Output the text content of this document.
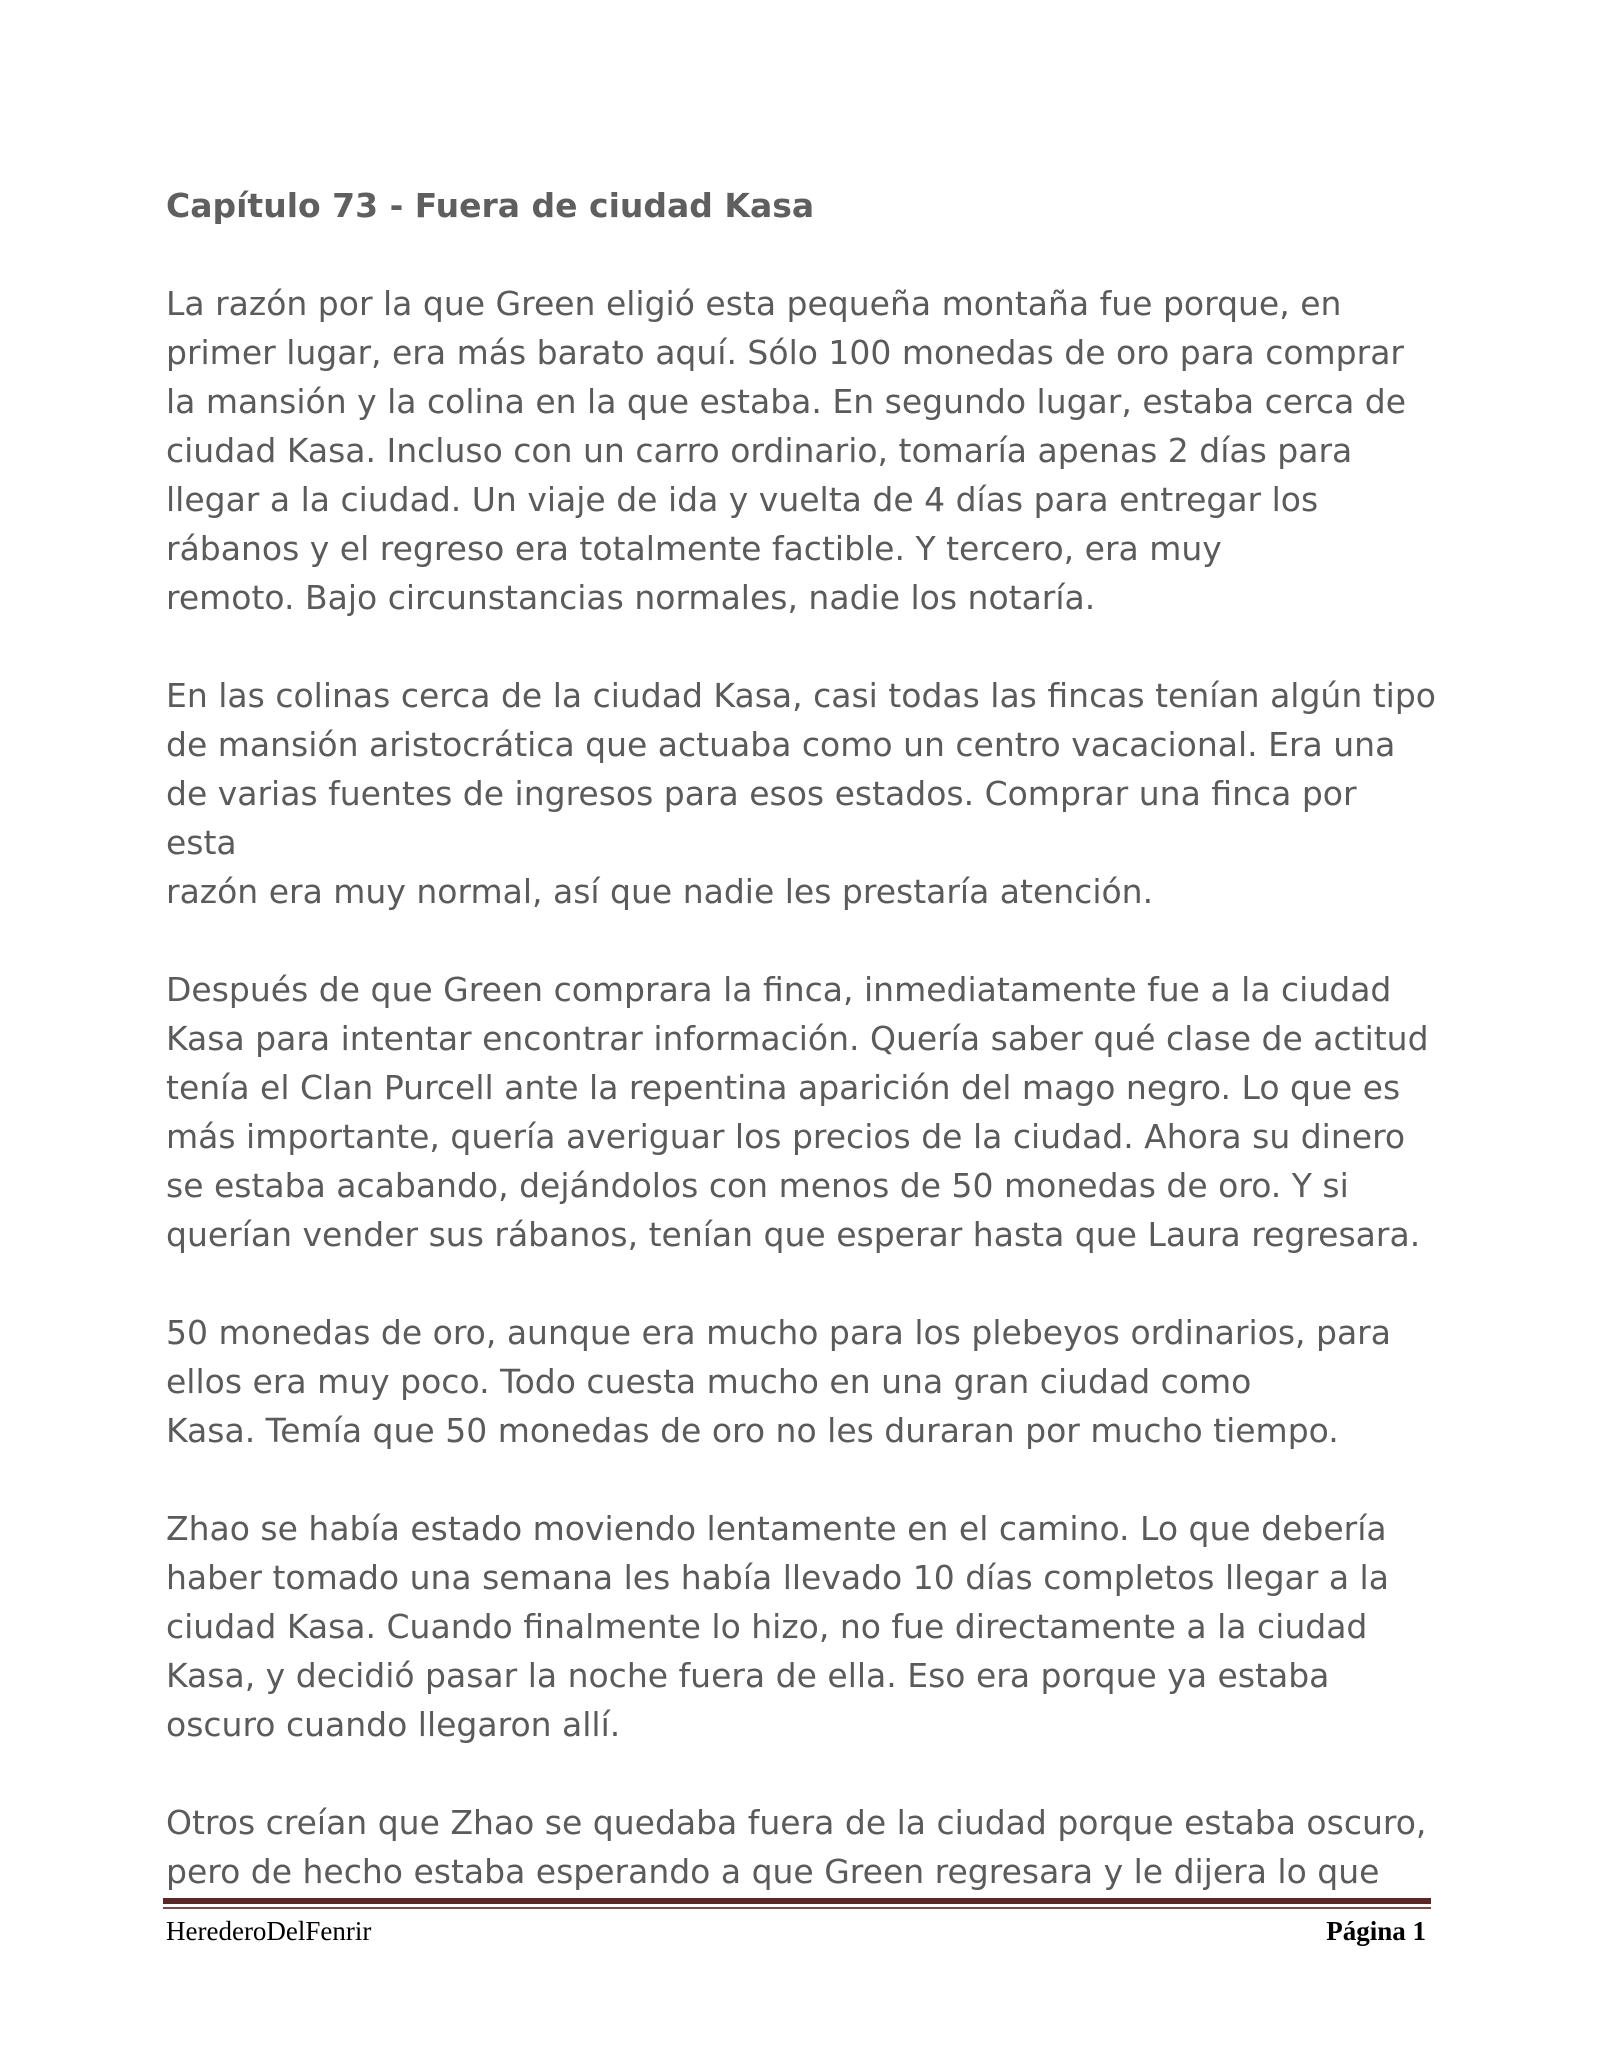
Capítulo 73 - Fuera de ciudad Kasa

La razón por la que Green eligió esta pequeña montaña fue porque, en
primer lugar, era más barato aquí. Sólo 100 monedas de oro para comprar
la mansión y la colina en la que estaba. En segundo lugar, estaba cerca de
ciudad Kasa. Incluso con un carro ordinario, tomaría apenas 2 días para
llegar a la ciudad. Un viaje de ida y vuelta de 4 días para entregar los
rábanos y el regreso era totalmente factible. Y tercero, era muy
remoto. Bajo circunstancias normales, nadie los notaría.

En las colinas cerca de la ciudad Kasa, casi todas las fincas tenían algún tipo
de mansión aristocrática que actuaba como un centro vacacional. Era una
de varias fuentes de ingresos para esos estados. Comprar una finca por esta
razón era muy normal, así que nadie les prestaría atención.

Después de que Green comprara la finca, inmediatamente fue a la ciudad
Kasa para intentar encontrar información. Quería saber qué clase de actitud
tenía el Clan Purcell ante la repentina aparición del mago negro. Lo que es
más importante, quería averiguar los precios de la ciudad. Ahora su dinero
se estaba acabando, dejándolos con menos de 50 monedas de oro. Y si
querían vender sus rábanos, tenían que esperar hasta que Laura regresara.

50 monedas de oro, aunque era mucho para los plebeyos ordinarios, para
ellos era muy poco. Todo cuesta mucho en una gran ciudad como
Kasa. Temía que 50 monedas de oro no les duraran por mucho tiempo.

Zhao se había estado moviendo lentamente en el camino. Lo que debería
haber tomado una semana les había llevado 10 días completos llegar a la
ciudad Kasa. Cuando finalmente lo hizo, no fue directamente a la ciudad
Kasa, y decidió pasar la noche fuera de ella. Eso era porque ya estaba
oscuro cuando llegaron allí.

Otros creían que Zhao se quedaba fuera de la ciudad porque estaba oscuro,
pero de hecho estaba esperando a que Green regresara y le dijera lo que

HerederoDelFenrir	Página 1
